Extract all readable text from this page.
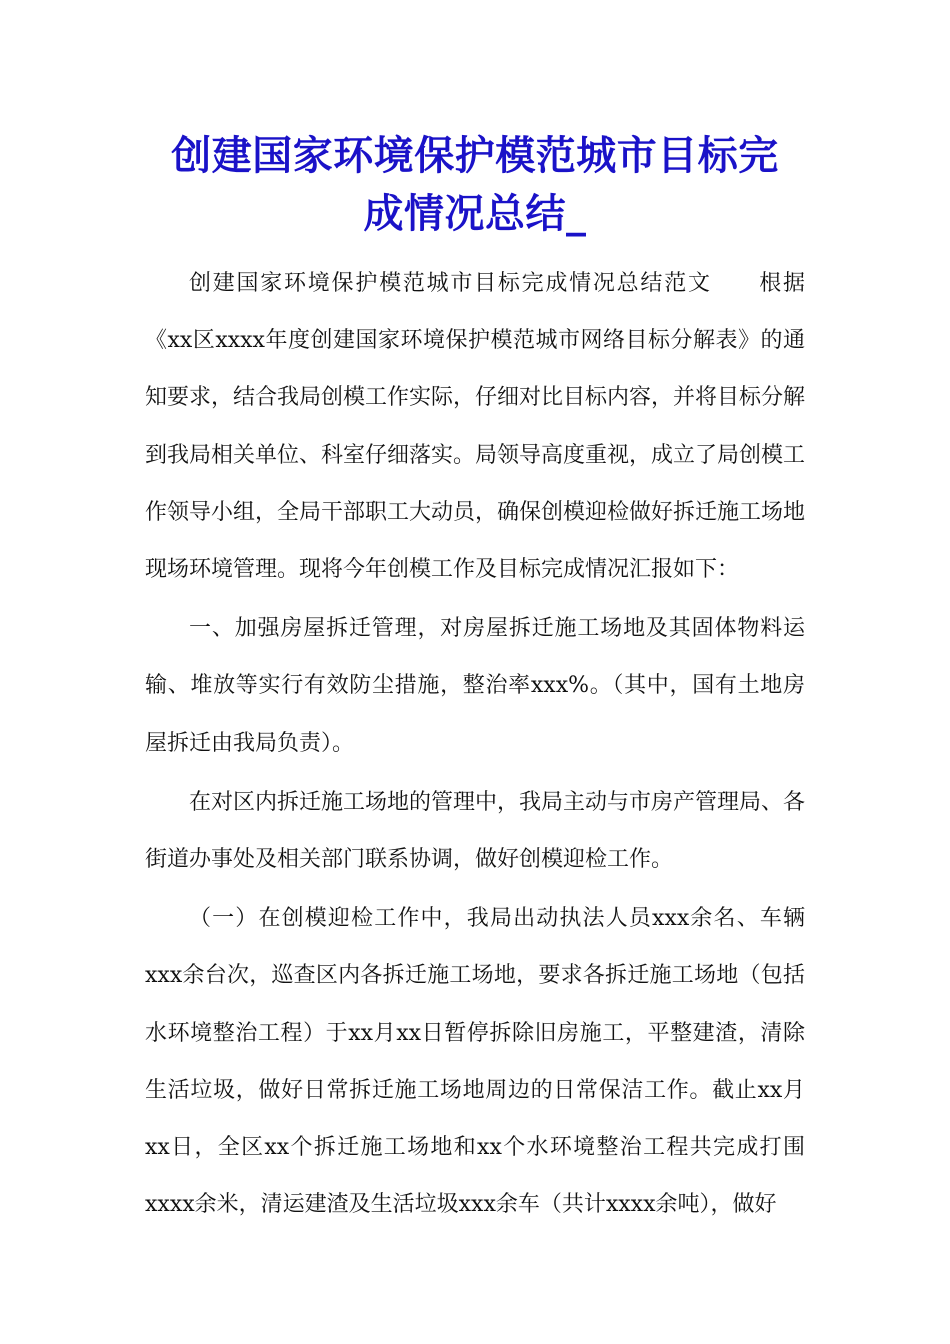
创建国家环境保护模范城市目标完
成情况总结_

创建国家环境保护模范城市目标完成情况总结范文　　根据《xx区xxxx年度创建国家环境保护模范城市网络目标分解表》的通知要求，结合我局创模工作实际，仔细对比目标内容，并将目标分解到我局相关单位、科室仔细落实。局领导高度重视，成立了局创模工作领导小组，全局干部职工大动员，确保创模迎检做好拆迁施工场地现场环境管理。现将今年创模工作及目标完成情况汇报如下：

一、加强房屋拆迁管理，对房屋拆迁施工场地及其固体物料运输、堆放等实行有效防尘措施，整治率xxx%。（其中，国有土地房屋拆迁由我局负责）。

在对区内拆迁施工场地的管理中，我局主动与市房产管理局、各街道办事处及相关部门联系协调，做好创模迎检工作。

（一）在创模迎检工作中，我局出动执法人员xxx余名、车辆xxx余台次，巡查区内各拆迁施工场地，要求各拆迁施工场地（包括水环境整治工程）于xx月xx日暂停拆除旧房施工，平整建渣，清除生活垃圾，做好日常拆迁施工场地周边的日常保洁工作。截止xx月xx日，全区xx个拆迁施工场地和xx个水环境整治工程共完成打围xxxx余米，清运建渣及生活垃圾xxx余车（共计xxxx余吨），做好
